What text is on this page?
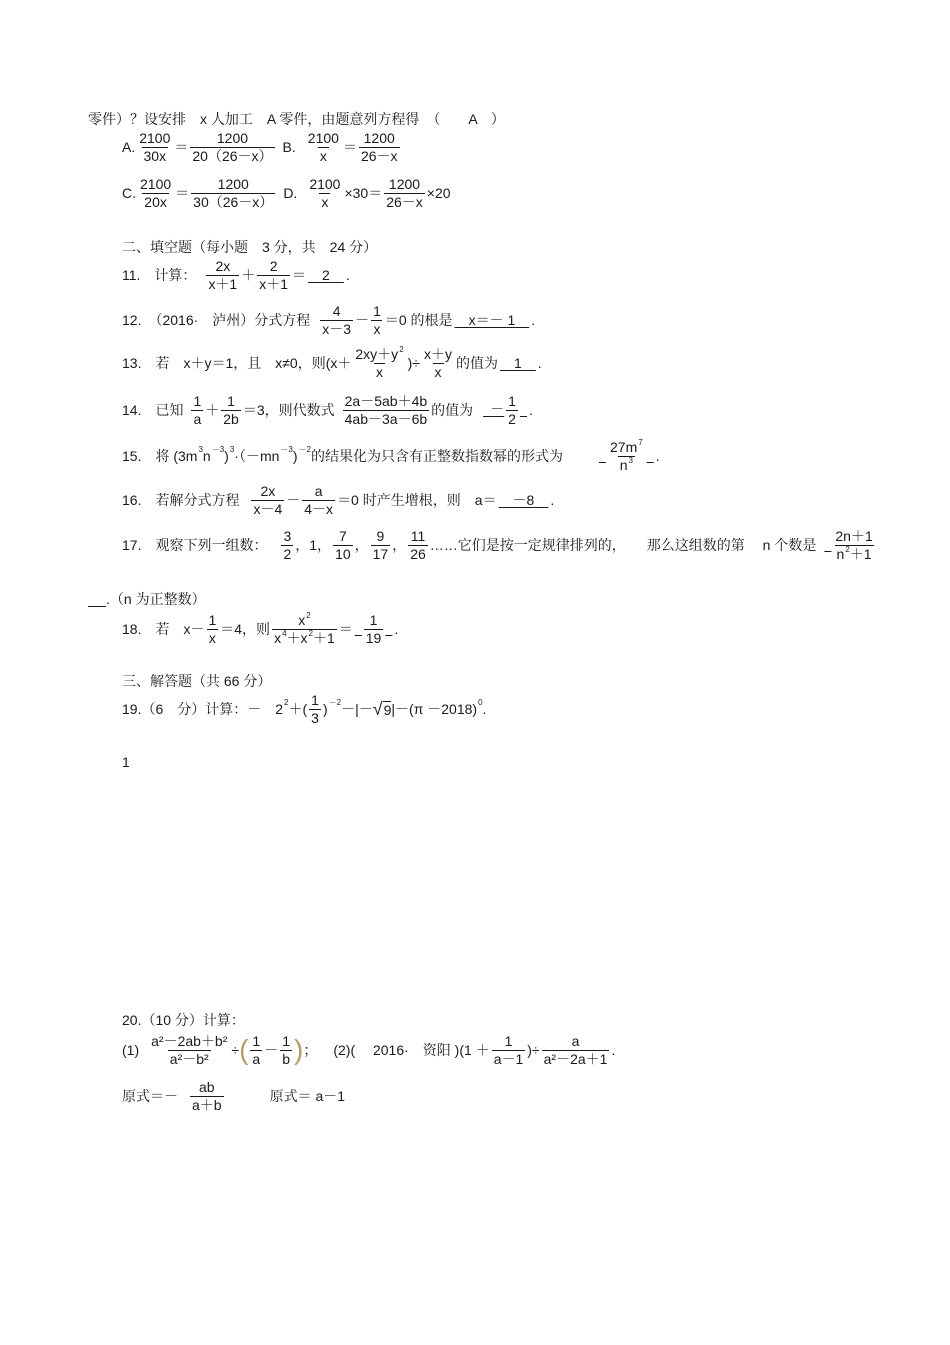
零件）？设安排　x 人加工　A 零件，由题意列方程得　（　　A　）
A. $\frac{2100}{30x} = \frac{1200}{20(26-x)} B$. $\frac{2100}{x} = \frac{1200}{26-x}$
C. $\frac{2100}{20x} = \frac{1200}{30(26-x)} D$. $\frac{2100}{x} \times 30= \frac{1200}{26-x} \times 20$
二、填空题（每小题　3 分，共　24 分）
11.　计算： $\frac{2x}{x+1} + \frac{2}{x+1}$ ＝
 	2 	.
12.　（2016·　泸州）分式方程 $\frac{4}{x-3} - \frac{1}{x} =0$ 的根是
 	x＝－ 1 	.
13.　若　x＋y＝1，且　x≠0，则($x+ \frac{2xy+y^2}{x}$ )÷ $\frac{x+y}{x}$ 的值为
 	1 	.
14.　已知 $\frac{1}{a} + \frac{1}{2b} =3$，则代数式 $\frac{2a-5ab+4b}{4ab-3a-6b}$ 的值为
 	－ $\frac{1}{2}$
  .
15.　将 (3m 3 n －3 ) 3 ·（－mn －3 ) －2 的结果化为只含有正整数指数幂的形式为
 	$\frac{27m^7}{n^3}$
  .
16.　若解分式方程 $\frac{2x}{x-4} - \frac{a}{4-x} =0$ 时产生增根，则　a＝
 	－8 	.
17.　观察下列一组数： $\frac{3}{2}$ ，1， $\frac{7}{10}$ ， $\frac{9}{17}$ ， $\frac{11}{26}$ ……它们是按一定规律排列的，　　那么这组数的第　 n 个数是
  $\frac{2n+1}{n^2+1}$
.（n 为正整数）
18.　若　$x- \frac{1}{x} =4$，则 $\frac{x^2}{x^4+x^2+1}$ ＝
  $\frac{1}{19}$
  .
三、解答题（共 66 分）
19.（6　分）计算：－　2 2 ＋( $\frac{1}{3}$ ) －2 －|－ √ 9 |－(π －2018) 0 .
1
20.（10 分）计算：
$(1) \frac{\text{a²－2ab＋b²}}{\text{a²－b²}}$ ÷ ( $\frac{1}{a} - \frac{1}{b}$ ) ； (2)(　 2016·　资阳 )($1 + \frac{1}{a-1}$ )÷ $\frac{a}{\text{a²－2a＋1}}$ .
原式＝－ $\frac{ab}{a+b}$	原式＝ a－1
